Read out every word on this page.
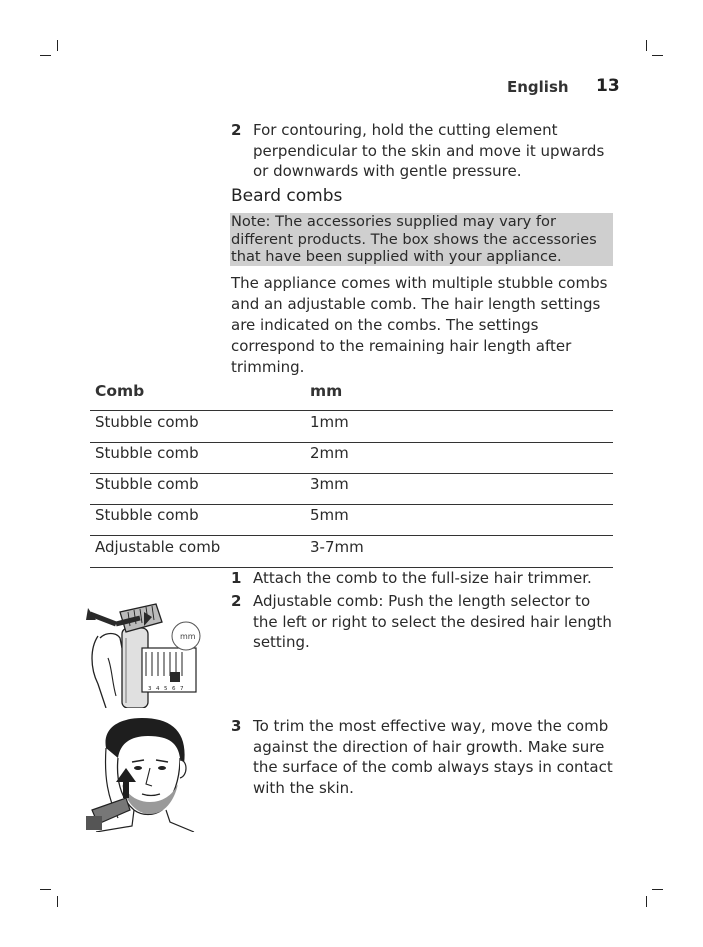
English 13
2 For contouring, hold the cutting element
perpendicular to the skin and move it upwards
or downwards with gentle pressure.
Beard combs
Note: The accessories supplied may vary for
different products. The box shows the accessories
that have been supplied with your appliance.
The appliance comes with multiple stubble combs
and an adjustable comb. The hair length settings
are indicated on the combs. The settings
correspond to the remaining hair length after
trimming.
Comb	mm
Stubble comb	1mm
Stubble comb	2mm
Stubble comb	3mm
Stubble comb	5mm
Adjustable comb	3-7mm
1 Attach the comb to the full-size hair trimmer.
2 Adjustable comb: Push the length selector to
the left or right to select the desired hair length
setting.
3 To trim the most effective way, move the comb
against the direction of hair growth. Make sure
the surface of the comb always stays in contact
with the skin.
3 4 5 6 7
mm
